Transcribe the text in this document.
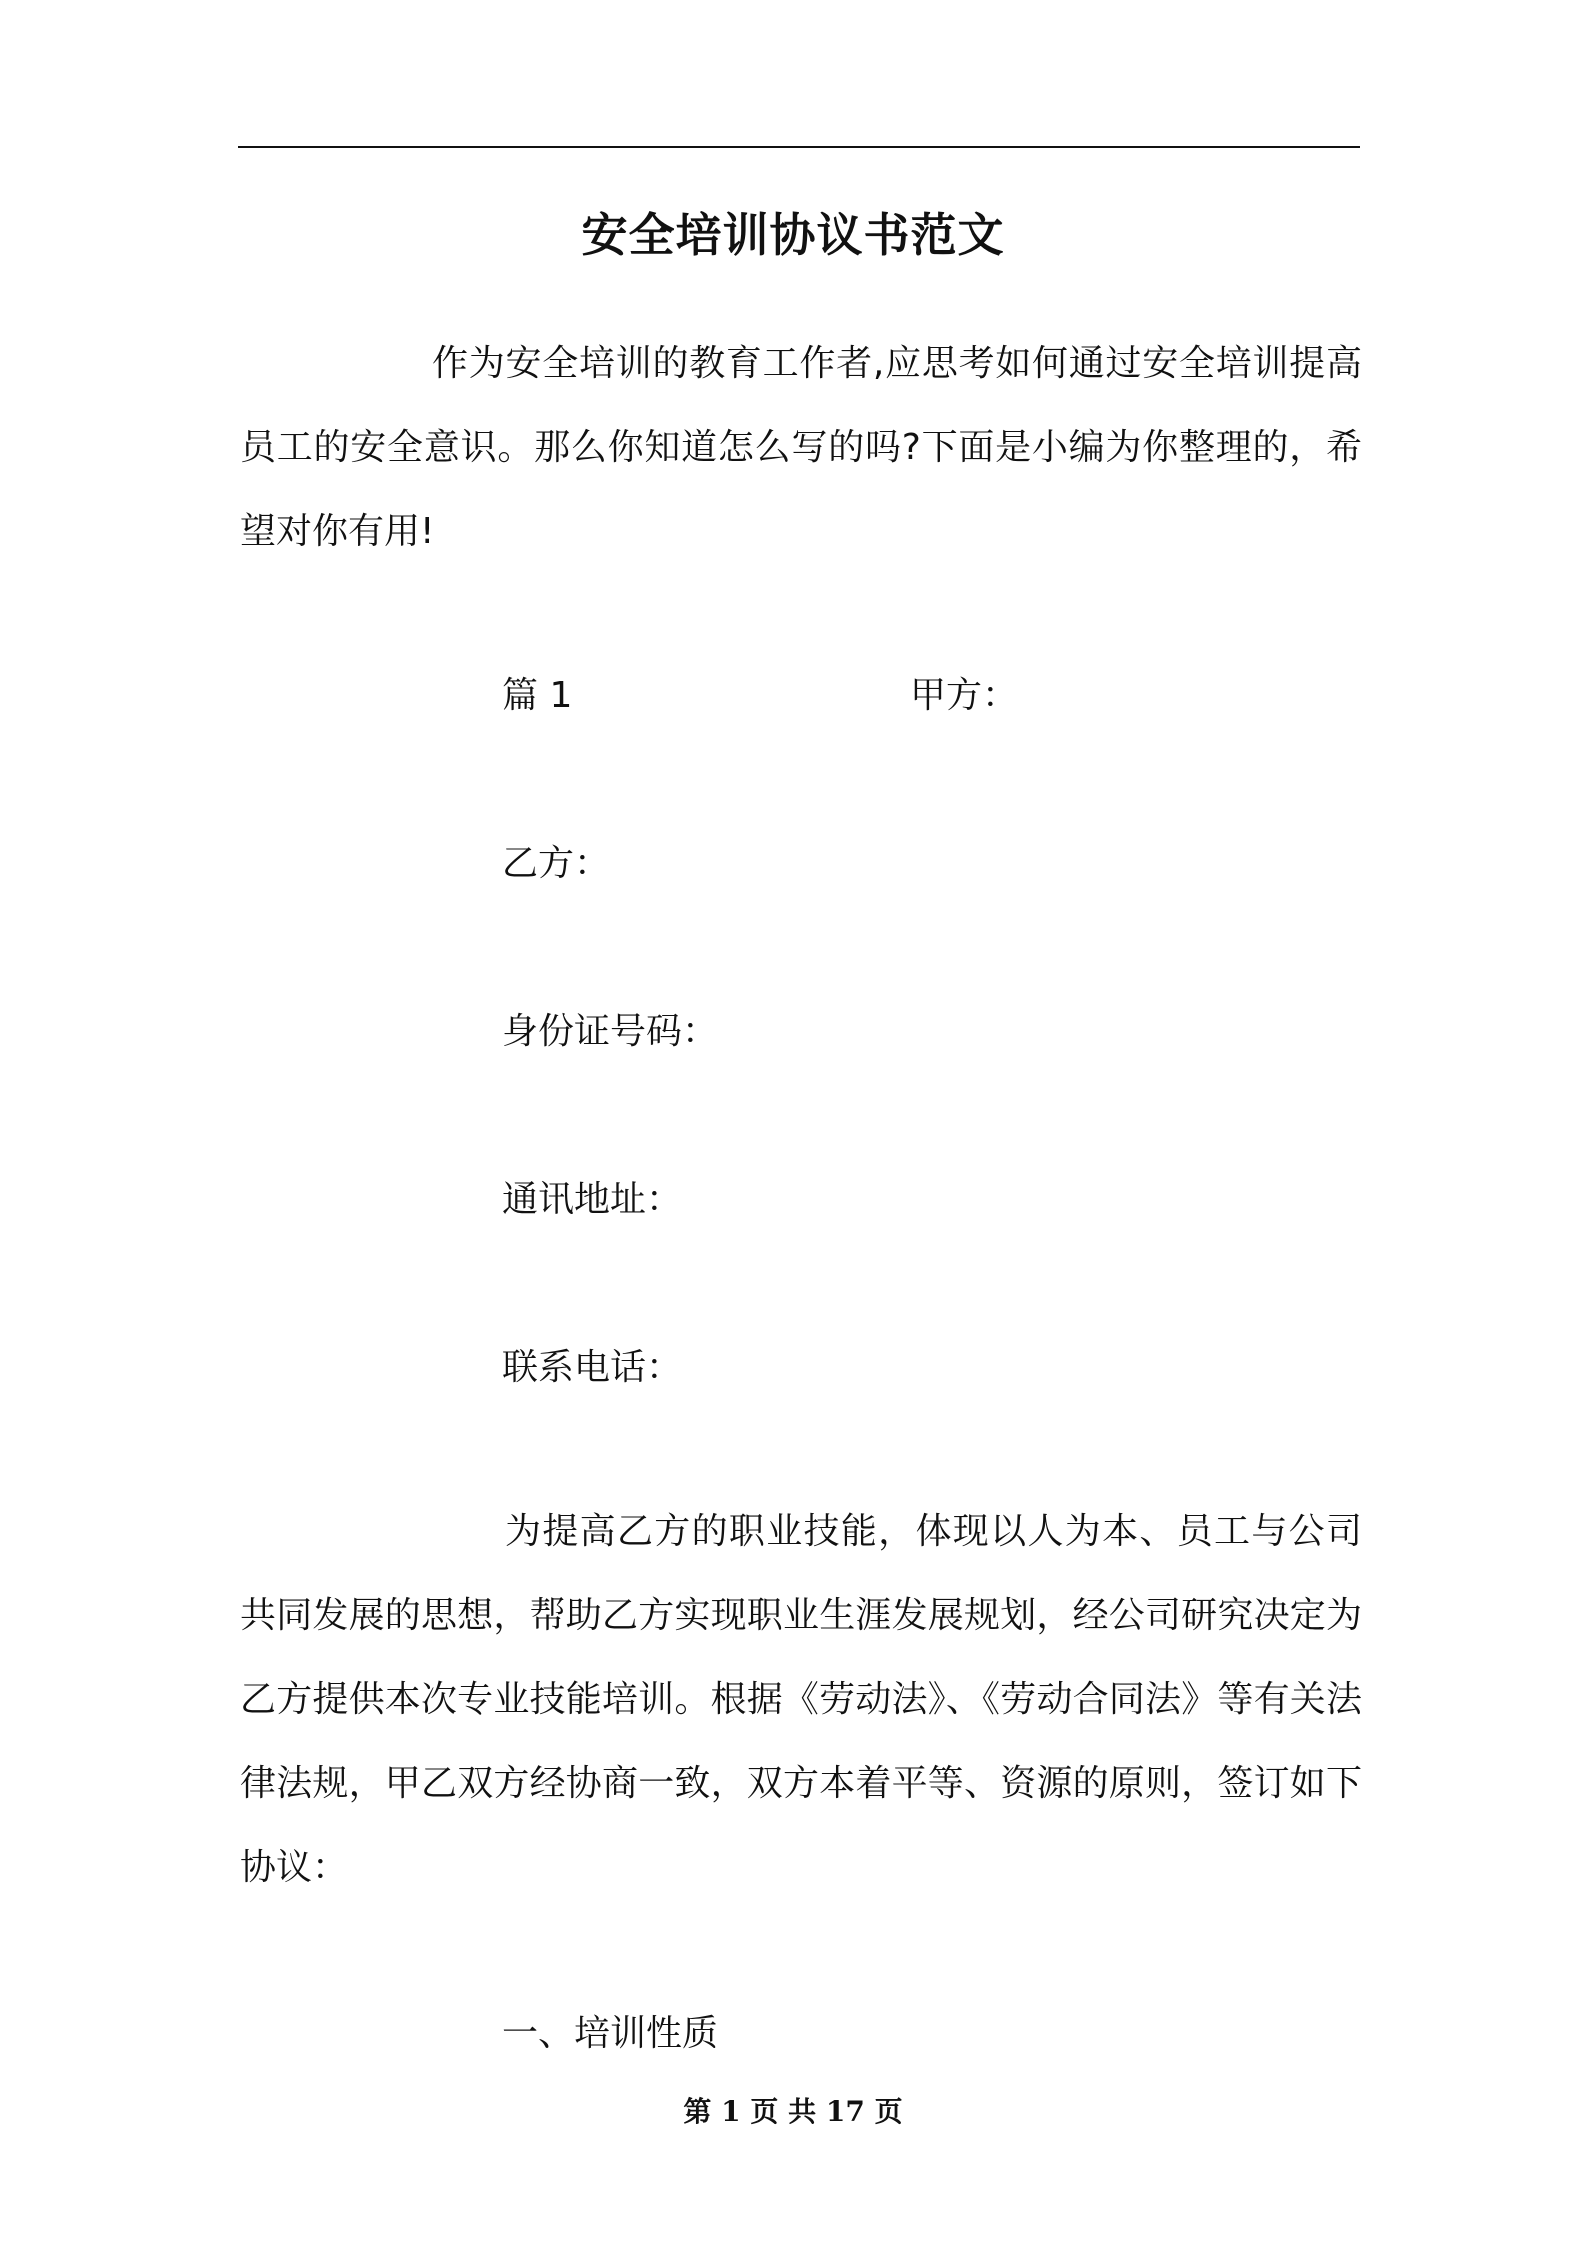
安全培训协议书范文

作为安全培训的教育工作者,应思考如何通过安全培训提高员工的安全意识。那么你知道怎么写的吗?下面是小编为你整理的，希望对你有用!

篇 1	甲方：
乙方：
身份证号码：
通讯地址：
联系电话：

为提高乙方的职业技能，体现以人为本、员工与公司共同发展的思想，帮助乙方实现职业生涯发展规划，经公司研究决定为乙方提供本次专业技能培训。根据《劳动法》、《劳动合同法》等有关法律法规，甲乙双方经协商一致，双方本着平等、资源的原则，签订如下协议：

一、培训性质
第 1 页 共 17 页
